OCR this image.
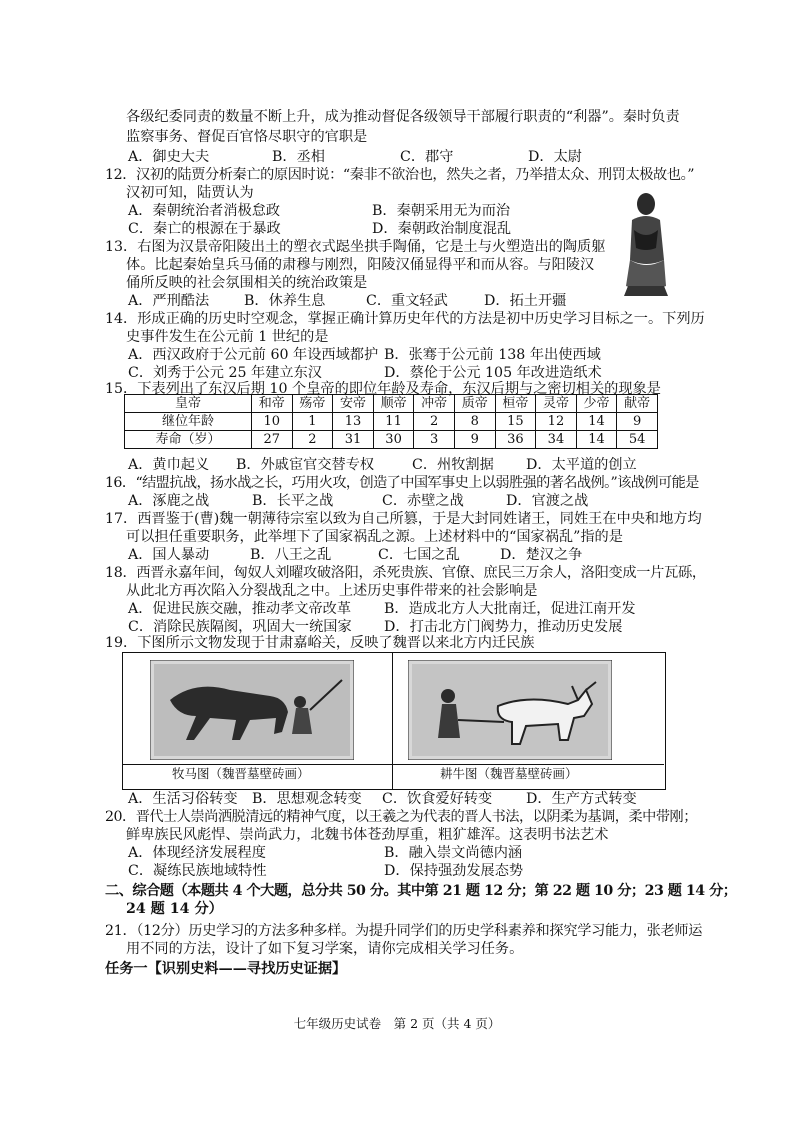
各级纪委同责的数量不断上升，成为推动督促各级领导干部履行职责的“利器”。秦时负责
监察事务、督促百官恪尽职守的官职是
A．御史大夫	B．丞相	C．郡守	D．太尉
12．汉初的陆贾分析秦亡的原因时说：“秦非不欲治也，然失之者，乃举措太众、刑罚太极故也。”
汉初可知，陆贾认为
A．秦朝统治者消极怠政	B．秦朝采用无为而治
C．秦亡的根源在于暴政	D．秦朝政治制度混乱
13．右图为汉景帝阳陵出土的塑衣式跽坐拱手陶俑，它是土与火塑造出的陶质躯
体。比起秦始皇兵马俑的肃穆与刚烈，阳陵汉俑显得平和而从容。与阳陵汉
俑所反映的社会氛围相关的统治政策是
A．严刑酷法 B．休养生息	C．重文轻武	D．拓土开疆
14．形成正确的历史时空观念，掌握正确计算历史年代的方法是初中历史学习目标之一。下列历
史事件发生在公元前 1 世纪的是
A．西汉政府于公元前 60 年设西域都护 B．张骞于公元前 138 年出使西域
C．刘秀于公元 25 年建立东汉	D．蔡伦于公元 105 年改进造纸术
15．下表列出了东汉后期 10 个皇帝的即位年龄及寿命，东汉后期与之密切相关的现象是
皇帝	和帝	殇帝	安帝	顺帝	冲帝	质帝	桓帝	灵帝	少帝	献帝
继位年龄	10	1	13	11	2	8	15	12	14	9
寿命（岁）	27	2	31	30	3	9	36	34	14	54
A．黄巾起义 B．外戚宦官交替专权	C．州牧割据 D．太平道的创立
16．“结盟抗战，扬水战之长，巧用火攻，创造了中国军事史上以弱胜强的著名战例。”该战例可能是
A．涿鹿之战	B．长平之战	C．赤壁之战	D．官渡之战
17．西晋鉴于(曹)魏一朝薄待宗室以致为自己所篡，于是大封同姓诸王，同姓王在中央和地方均
可以担任重要职务，此举埋下了国家祸乱之源。上述材料中的“国家祸乱”指的是
A．国人暴动	B．八王之乱	C．七国之乱	D．楚汉之争
18．西晋永嘉年间，匈奴人刘曜攻破洛阳，杀死贵族、官僚、庶民三万余人，洛阳变成一片瓦砾，
从此北方再次陷入分裂战乱之中。上述历史事件带来的社会影响是
A．促进民族交融，推动孝文帝改革 B．造成北方人大批南迁，促进江南开发
C．消除民族隔阂，巩固大一统国家 D．打击北方门阀势力，推动历史发展
19．下图所示文物发现于甘肃嘉峪关，反映了魏晋以来北方内迁民族
牧马图（魏晋墓壁砖画）	耕牛图（魏晋墓壁砖画）
A．生活习俗转变 B．思想观念转变 C．饮食爱好转变 D．生产方式转变
20．晋代士人崇尚洒脱清远的精神气度，以王羲之为代表的晋人书法，以阴柔为基调，柔中带刚；
鲜卑族民风彪悍、崇尚武力，北魏书体苍劲厚重，粗犷雄浑。这表明书法艺术
A．体现经济发展程度	B．融入崇文尚德内涵
C．凝练民族地域特性	D．保持强劲发展态势
二、综合题（本题共 4 个大题，总分共 50 分。其中第 21 题 12 分；第 22 题 10 分；23 题 14 分；
24 题 14 分）
21．（12分）历史学习的方法多种多样。为提升同学们的历史学科素养和探究学习能力，张老师运
用不同的方法，设计了如下复习学案，请你完成相关学习任务。
任务一【识别史料——寻找历史证据】
七年级历史试卷　第 2 页（共 4 页）
